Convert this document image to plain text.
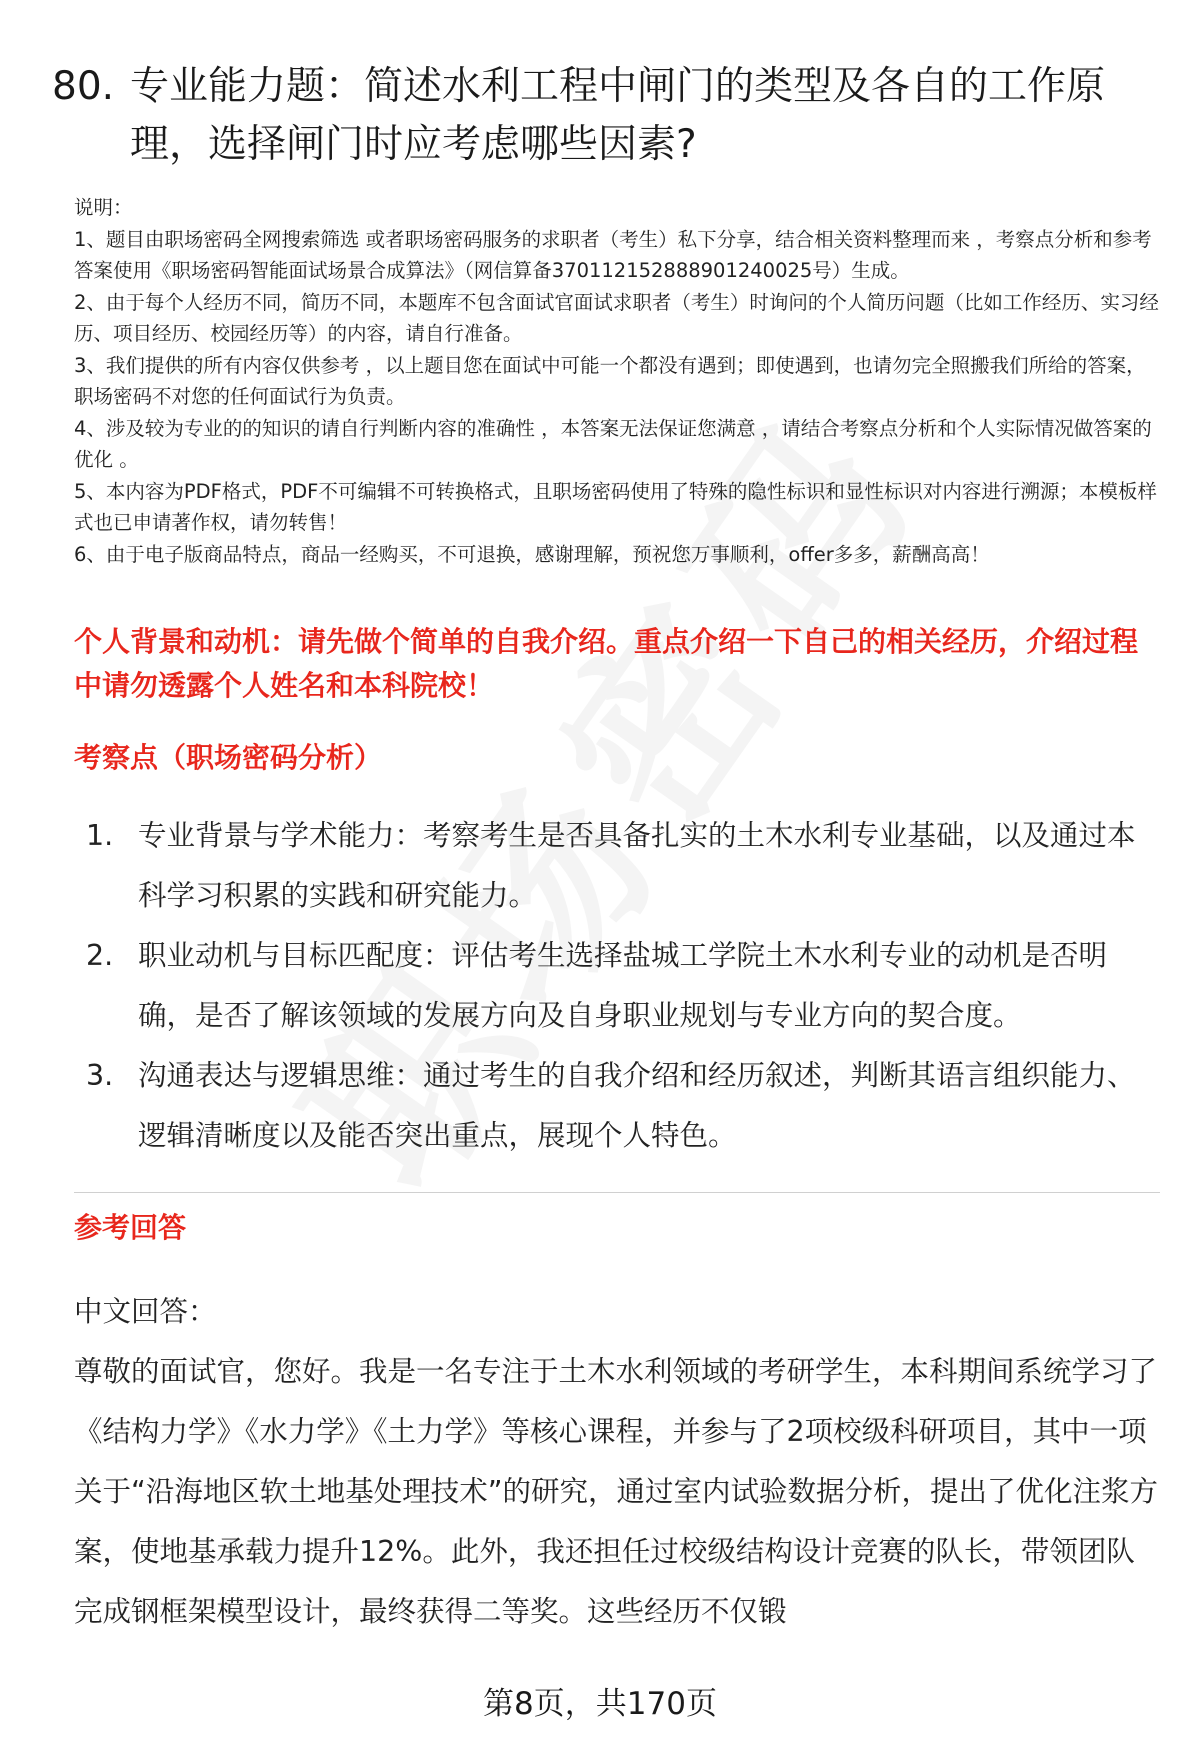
80. 专业能力题：简述水利工程中闸门的类型及各自的工作原理，选择闸门时应考虑哪些因素?

说明：

1、题目由职场密码全网搜索筛选 或者职场密码服务的求职者（考生）私下分享，结合相关资料整理而来 ，考察点分析和参考答案使用《职场密码智能面试场景合成算法》（网信算备370112152888901240025号）生成。

2、由于每个人经历不同，简历不同，本题库不包含面试官面试求职者（考生）时询问的个人简历问题（比如工作经历、实习经历、项目经历、校园经历等）的内容，请自行准备。

3、我们提供的所有内容仅供参考 ，以上题目您在面试中可能一个都没有遇到；即使遇到，也请勿完全照搬我们所给的答案，职场密码不对您的任何面试行为负责。

4、涉及较为专业的的知识的请自行判断内容的准确性 ，本答案无法保证您满意 ，请结合考察点分析和个人实际情况做答案的优化 。

5、本内容为PDF格式，PDF不可编辑不可转换格式，且职场密码使用了特殊的隐性标识和显性标识对内容进行溯源；本模板样式也已申请著作权，请勿转售！

6、由于电子版商品特点，商品一经购买，不可退换，感谢理解，预祝您万事顺利，offer多多，薪酬高高！

个人背景和动机：请先做个简单的自我介绍。重点介绍一下自己的相关经历，介绍过程中请勿透露个人姓名和本科院校！
考察点（职场密码分析）
1. 专业背景与学术能力：考察考生是否具备扎实的土木水利专业基础，以及通过本科学习积累的实践和研究能力。
2. 职业动机与目标匹配度：评估考生选择盐城工学院土木水利专业的动机是否明确，是否了解该领域的发展方向及自身职业规划与专业方向的契合度。
3. 沟通表达与逻辑思维：通过考生的自我介绍和经历叙述，判断其语言组织能力、逻辑清晰度以及能否突出重点，展现个人特色。
参考回答

中文回答：

尊敬的面试官，您好。我是一名专注于土木水利领域的考研学生，本科期间系统学习了《结构力学》《水力学》《土力学》等核心课程，并参与了2项校级科研项目，其中一项关于“沿海地区软土地基处理技术”的研究，通过室内试验数据分析，提出了优化注浆方案，使地基承载力提升12%。此外，我还担任过校级结构设计竞赛的队长，带领团队完成钢框架模型设计，最终获得二等奖。这些经历不仅锻

第8页，共170页
